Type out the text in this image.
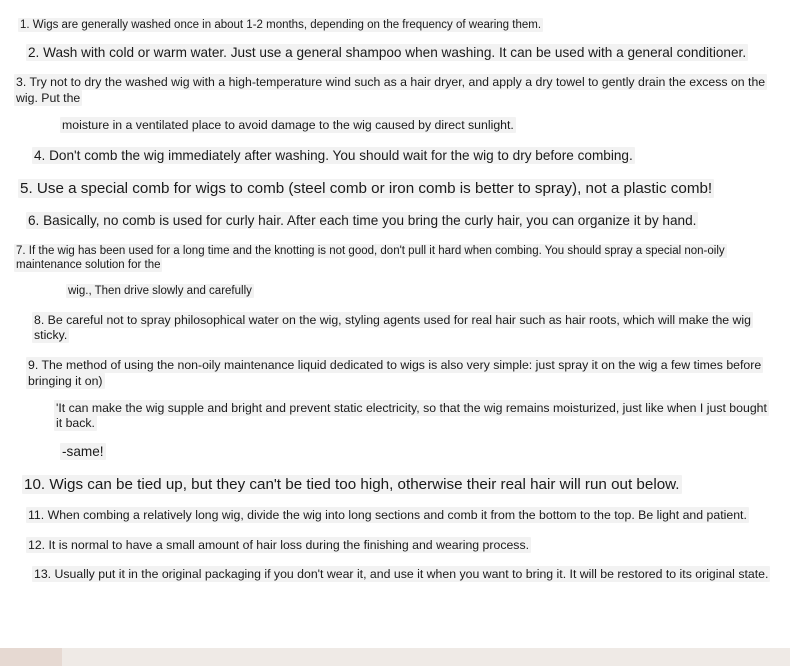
1. Wigs are generally washed once in about 1-2 months, depending on the frequency of wearing them.

2. Wash with cold or warm water. Just use a general shampoo when washing. It can be used with a general conditioner.

3. Try not to dry the washed wig with a high-temperature wind such as a hair dryer, and apply a dry towel to gently drain the excess on the wig. Put the

moisture in a ventilated place to avoid damage to the wig caused by direct sunlight.

4. Don't comb the wig immediately after washing. You should wait for the wig to dry before combing.

5. Use a special comb for wigs to comb (steel comb or iron comb is better to spray), not a plastic comb!

6. Basically, no comb is used for curly hair. After each time you bring the curly hair, you can organize it by hand.

7. If the wig has been used for a long time and the knotting is not good, don't pull it hard when combing. You should spray a special non-oily maintenance solution for the

wig., Then drive slowly and carefully

8. Be careful not to spray philosophical water on the wig, styling agents used for real hair such as hair roots, which will make the wig sticky.

9. The method of using the non-oily maintenance liquid dedicated to wigs is also very simple: just spray it on the wig a few times before bringing it on)

'It can make the wig supple and bright and prevent static electricity, so that the wig remains moisturized, just like when I just bought it back.

-same!

10. Wigs can be tied up, but they can't be tied too high, otherwise their real hair will run out below.

11. When combing a relatively long wig, divide the wig into long sections and comb it from the bottom to the top. Be light and patient.

12. It is normal to have a small amount of hair loss during the finishing and wearing process.

13. Usually put it in the original packaging if you don't wear it, and use it when you want to bring it. It will be restored to its original state.
